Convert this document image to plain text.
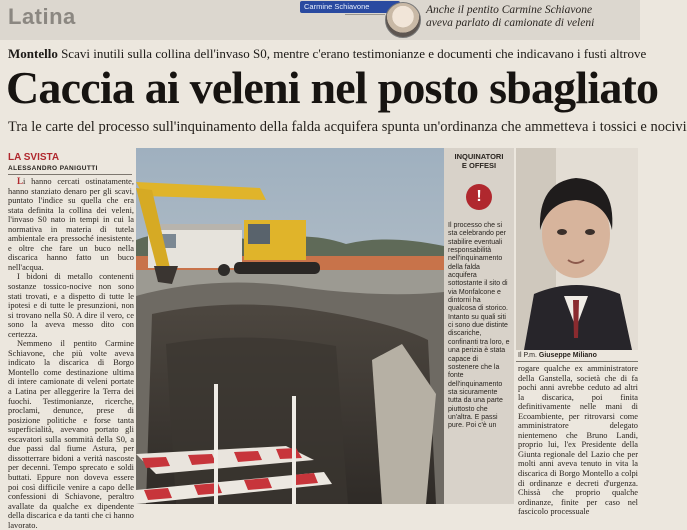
Latina	Carmine Schiavone	Anche il pentito Carmine Schiavone
aveva parlato di camionate di veleni
Montello Scavi inutili sulla collina dell'invaso S0, mentre c'erano testimonianze e documenti che indicavano i fusti altrove
Caccia ai veleni nel posto sbagliato
Tra le carte del processo sull'inquinamento della falda acquifera spunta un'ordinanza che ammetteva i tossici e nocivi
LA SVISTA
ALESSANDRO PANIGUTTI

Li hanno cercati ostinatamente, hanno stanziato denaro per gli scavi, puntato l'indice su quella che era stata definita la collina dei veleni, l'invaso S0 nato in tempi in cui la normativa in materia di tutela ambientale era pressoché inesistente, e oltre che fare un buco nella discarica hanno fatto un buco nell'acqua.

I bidoni di metallo contenenti sostanze tossico-nocive non sono stati trovati, e a dispetto di tutte le ipotesi e di tutte le presunzioni, non si trovano nella S0. A dire il vero, ce sono la aveva messo dito con certezza.

Nemmeno il pentito Carmine Schiavone, che più volte aveva indicato la discarica di Borgo Montello come destinazione ultima di intere camionate di veleni portate a Latina per alleggerire la Terra dei fuochi. Testimonianze, ricerche, proclami, denunce, prese di posizione politiche e forse tanta superficialità, avevano portato gli escavatori sulla sommità della S0, a due passi dal fiume Astura, per dissotterrare bidoni a verità nascoste per decenni. Tempo sprecato e soldi buttati. Eppure non doveva essere poi così difficile venire a capo delle confessioni di Schiavone, peraltro avallate da qualche ex dipendente della discarica e da tanti che ci hanno lavorato.

INQUINATORI
E OFFESI
!
Il processo che si sta celebrando per stabilire eventuali responsabilità nell'inquinamento della falda acquifera sottostante il sito di via Monfalcone e dintorni ha qualcosa di storico. Intanto su quali siti ci sono due distinte discariche, confinanti tra loro, e una perizia è stata capace di sostenere che la fonte dell'inquinamento sta sicuramente tutta da una parte piuttosto che un'altra. E passi pure. Poi c'è un
Il P.m. Giuseppe Miliano
rogare qualche ex amministratore della Ganstella, società che di fa pochi anni avrebbe ceduto ad altri la discarica, poi finita definitivamente nelle mani di Ecoambiente, per ritrovarsi come amministratore delegato nientemeno che Bruno Landi, proprio lui, l'ex Presidente della Giunta regionale del Lazio che per molti anni aveva tenuto in vita la discarica di Borgo Montello a colpi di ordinanze e decreti d'urgenza. Chissà che proprio qualche ordinanze, finite per caso nel fascicolo processuale
